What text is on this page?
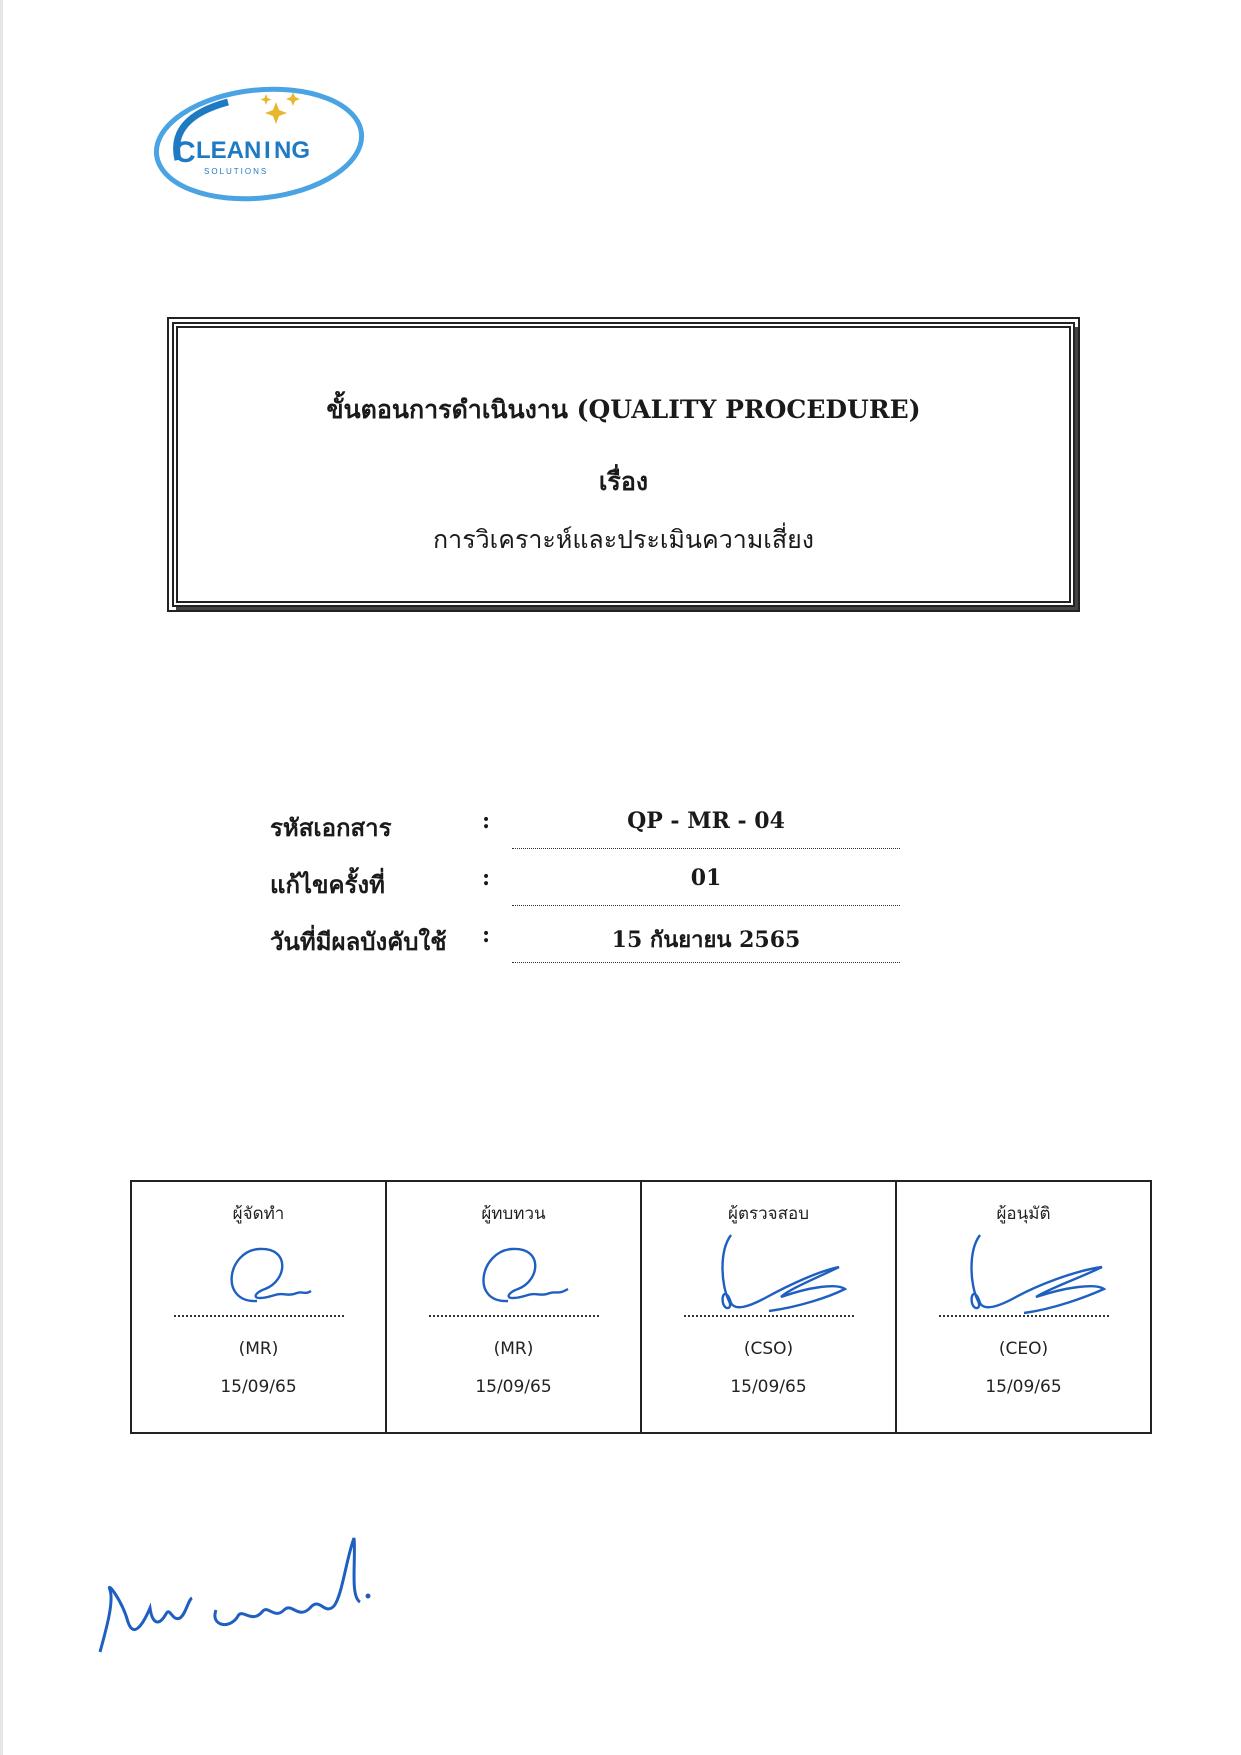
C LEAN I NG
SOLUTIONS
ขั้นตอนการดำเนินงาน (QUALITY PROCEDURE)
เรื่อง
การวิเคราะห์และประเมินความเสี่ยง
รหัสเอกสาร	:	QP - MR - 04
แก้ไขครั้งที่	:	01
วันที่มีผลบังคับใช้ :	15 กันยายน 2565
ผู้จัดทำ
(MR)
15/09/65

ผู้ทบทวน
(MR)
15/09/65

ผู้ตรวจสอบ
(CSO)
15/09/65

ผู้อนุมัติ
(CEO)
15/09/65
